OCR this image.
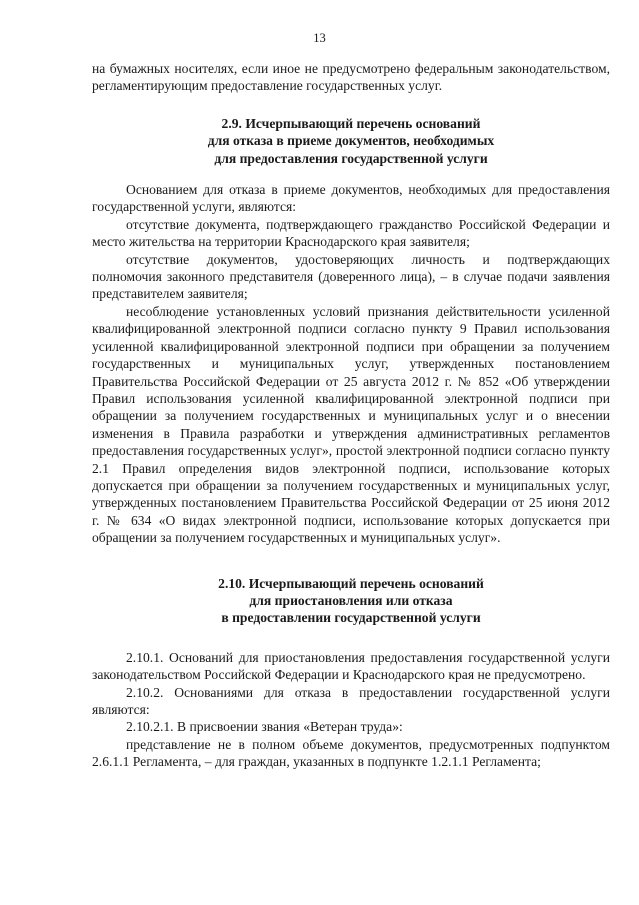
13

на бумажных носителях, если иное не предусмотрено федеральным законодательством, регламентирующим предоставление государственных услуг.

2.9. Исчерпывающий перечень оснований
для отказа в приеме документов, необходимых
для предоставления государственной услуги

Основанием для отказа в приеме документов, необходимых для предоставления государственной услуги, являются:

отсутствие документа, подтверждающего гражданство Российской Федерации и место жительства на территории Краснодарского края заявителя;

отсутствие документов, удостоверяющих личность и подтверждающих полномочия законного представителя (доверенного лица), – в случае подачи заявления представителем заявителя;

несоблюдение установленных условий признания действительности усиленной квалифицированной электронной подписи согласно пункту 9 Правил использования усиленной квалифицированной электронной подписи при обращении за получением государственных и муниципальных услуг, утвержденных постановлением Правительства Российской Федерации от 25 августа 2012 г. № 852 «Об утверждении Правил использования усиленной квалифицированной электронной подписи при обращении за получением государственных и муниципальных услуг и о внесении изменения в Правила разработки и утверждения административных регламентов предоставления государственных услуг», простой электронной подписи согласно пункту 2.1 Правил определения видов электронной подписи, использование которых допускается при обращении за получением государственных и муниципальных услуг, утвержденных постановлением Правительства Российской Федерации от 25 июня 2012 г. № 634 «О видах электронной подписи, использование которых допускается при обращении за получением государственных и муниципальных услуг».

2.10. Исчерпывающий перечень оснований
для приостановления или отказа
в предоставлении государственной услуги

2.10.1. Оснований для приостановления предоставления государственной услуги законодательством Российской Федерации и Краснодарского края не предусмотрено.

2.10.2. Основаниями для отказа в предоставлении государственной услуги являются:

2.10.2.1. В присвоении звания «Ветеран труда»:

представление не в полном объеме документов, предусмотренных подпунктом 2.6.1.1 Регламента, – для граждан, указанных в подпункте 1.2.1.1 Регламента;
